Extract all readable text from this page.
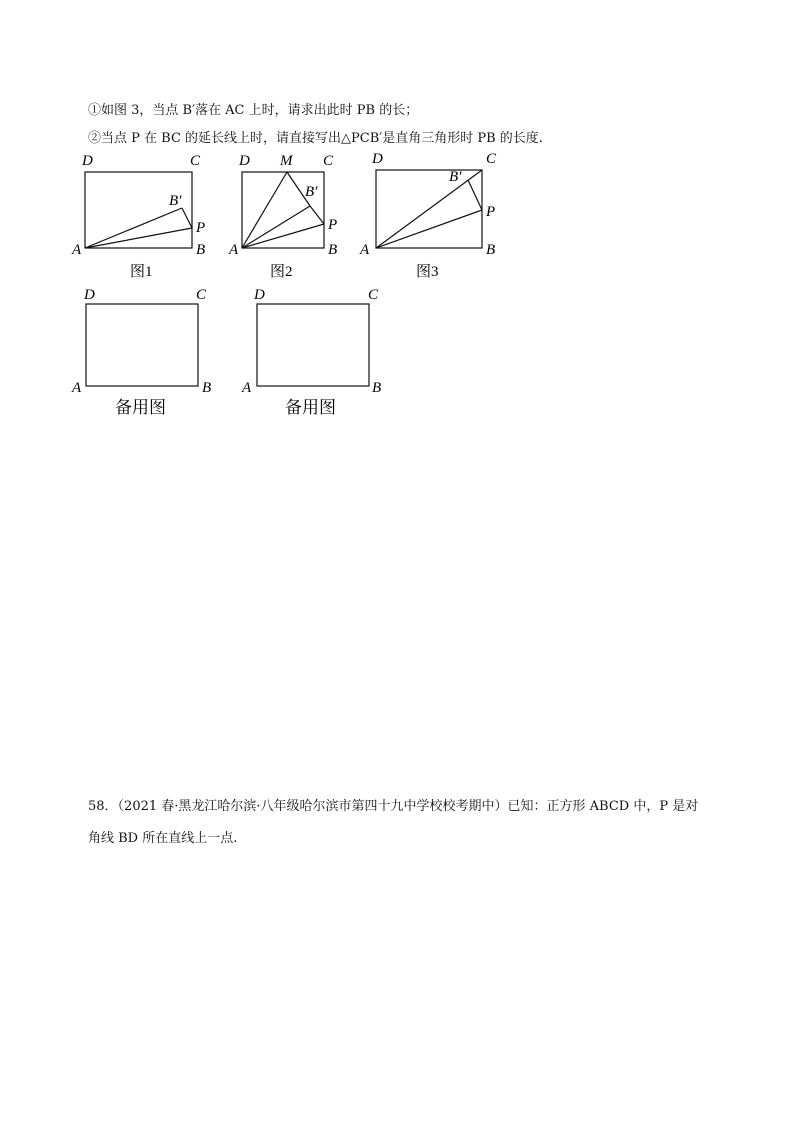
①如图 3，当点 B′落在 AC 上时，请求出此时 PB 的长；
②当点 P 在 BC 的延长线上时，请直接写出△PCB′是直角三角形时 PB 的长度.
D	C
A	B
P
B′
图1
D M C
B′
P
A	B
图2
D	C
B′
P
A	B
图3
D	C
A	B
备用图
D	C
A	B
备用图
58．（2021 春·黑龙江哈尔滨·八年级哈尔滨市第四十九中学校校考期中）已知：正方形 ABCD 中，P 是对
角线 BD 所在直线上一点.
